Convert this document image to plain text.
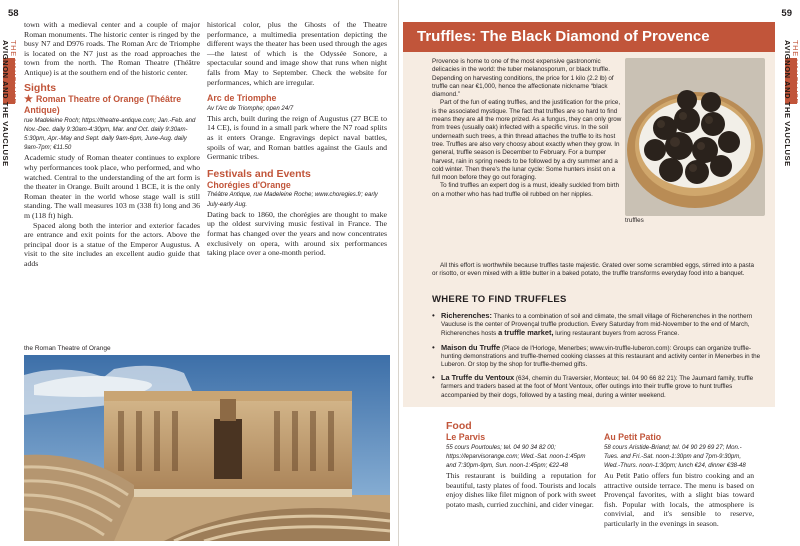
58
AVIGNON AND THE VAUCLUSE THE VAUCLUSE

town with a medieval center and a couple of major Roman monuments. The historic center is ringed by the busy N7 and D976 roads. The Roman Arc de Triomphe is located on the N7 just as the road approaches the town from the north. The Roman Theatre (Théâtre Antique) is at the southern end of the historic center.

Sights
★ Roman Theatre of Orange (Théâtre Antique)
rue Madeleine Roch; https://theatre-antique.com; Jan.-Feb. and Nov.-Dec. daily 9:30am-4:30pm, Mar. and Oct. daily 9:30am-5:30pm, Apr.-May and Sept. daily 9am-6pm, June-Aug. daily 9am-7pm; €11.50

Academic study of Roman theater continues to explore why performances took place, who performed, and who watched. Central to the understanding of the art form is the theater in Orange. Built around 1 BCE, it is the only Roman theater in the world whose stage wall is still standing. The wall measures 103 m (338 ft) long and 36 m (118 ft) high.

Spaced along both the interior and exterior facades are entrance and exit points for the actors. Above the principal door is a statue of the Emperor Augustus. A visit to the site includes an excellent audio guide that adds

historical color, plus the Ghosts of the Theatre performance, a multimedia presentation depicting the different ways the theater has been used through the ages—the latest of which is the Odyssée Sonore, a spectacular sound and image show that runs when night falls from May to September. Check the website for performances, which are irregular.

Arc de Triomphe
Av l'Arc de Triomphe; open 24/7

This arch, built during the reign of Augustus (27 BCE to 14 CE), is found in a small park where the N7 road splits as it enters Orange. Engravings depict naval battles, spoils of war, and Roman battles against the Gauls and Germanic tribes.

Festivals and Events
Chorégies d'Orange
Théâtre Antique, rue Madeleine Roche; www.choregies.fr; early July-early Aug.

Dating back to 1860, the chorégies are thought to make up the oldest surviving music festival in France. The format has changed over the years and now concentrates exclusively on opera, with around six performances taking place over a one-month period.

the Roman Theatre of Orange
59
AVIGNON AND THE VAUCLUSE THE VAUCLUSE
Truffles: The Black Diamond of Provence

Provence is home to one of the most expensive gastronomic delicacies in the world: the tuber melanosporum, or black truffle. Depending on harvesting conditions, the price for 1 kilo (2.2 lb) of truffle can near €1,000, hence the affectionate nickname “black diamond.”

Part of the fun of eating truffles, and the justification for the price, is the associated mystique. The fact that truffles are so hard to find means they are all the more prized. As a fungus, they can only grow from trees (usually oak) infected with a specific virus. In the soil underneath such trees, a thin thread attaches the truffle to its host tree. Truffles are also very choosy about exactly when they grow. In general, truffle season is December to February. For a bumper harvest, rain in spring needs to be followed by a dry summer and a cold winter. Then there's the lunar cycle: Some hunters insist on a full moon before they go out foraging.

To find truffles an expert dog is a must, ideally suckled from birth on a mother who has had truffle oil rubbed on her nipples.

truffles

All this effort is worthwhile because truffles taste majestic. Grated over some scrambled eggs, stirred into a pasta or risotto, or even mixed with a little butter in a baked potato, the truffle transforms everyday food into a banquet.

WHERE TO FIND TRUFFLES
• Richerenches: Thanks to a combination of soil and climate, the small village of Richerenches in the northern Vaucluse is the center of Provençal truffle production. Every Saturday from mid-November to the end of March, Richerenches hosts a truffle market, luring restaurant buyers from across France.
• Maison du Truffe (Place de l'Horloge, Menerbes; www.vin-truffle-luberon.com): Groups can organize truffle-hunting demonstrations and truffle-themed cooking classes at this restaurant and activity center in Menerbes in the Luberon. Or stop by the shop for truffle-themed gifts.
• La Truffe du Ventoux (634, chemin du Traversier, Monteux; tel. 04 90 66 82 21): The Jaumard family, truffle farmers and traders based at the foot of Mont Ventoux, offer outings into their truffle grove to hunt truffles accompanied by their dogs, followed by a tasting meal, during a winter weekend.
Food
Le Parvis
55 cours Pourtoules; tel. 04 90 34 82 00; https://leparvisorange.com; Wed.-Sat. noon-1:45pm and 7:30pm-9pm, Sun. noon-1:45pm; €22-48

This restaurant is building a reputation for beautiful, tasty plates of food. Tourists and locals enjoy dishes like filet mignon of pork with sweet potato mash, curried zucchini, and cider vinegar.

Au Petit Patio
58 cours Aristide-Briand; tel. 04 90 29 69 27; Mon.-Tues. and Fri.-Sat. noon-1:30pm and 7pm-9:30pm, Wed.-Thurs. noon-1:30pm; lunch €24, dinner €38-48

Au Petit Patio offers fun bistro cooking and an attractive outside terrace. The menu is based on Provençal favorites, with a slight bias toward fish. Popular with locals, the atmosphere is convivial, and it's sensible to reserve, particularly in the evenings in season.
